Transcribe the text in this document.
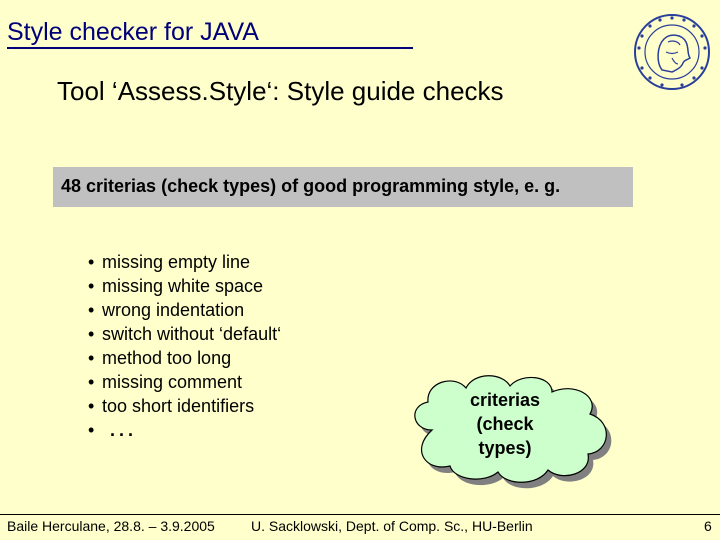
Style checker for JAVA
Tool ‘Assess.Style‘: Style guide checks
48 criterias (check types) of good programming style, e. g.
• missing empty line
• missing white space
• wrong indentation
• switch without ‘default‘
• method too long
• missing comment
• too short identifiers
• ...
criterias
(check
types)
Baile Herculane, 28.8. – 3.9.2005	U. Sacklowski, Dept. of Comp. Sc., HU-Berlin	6
